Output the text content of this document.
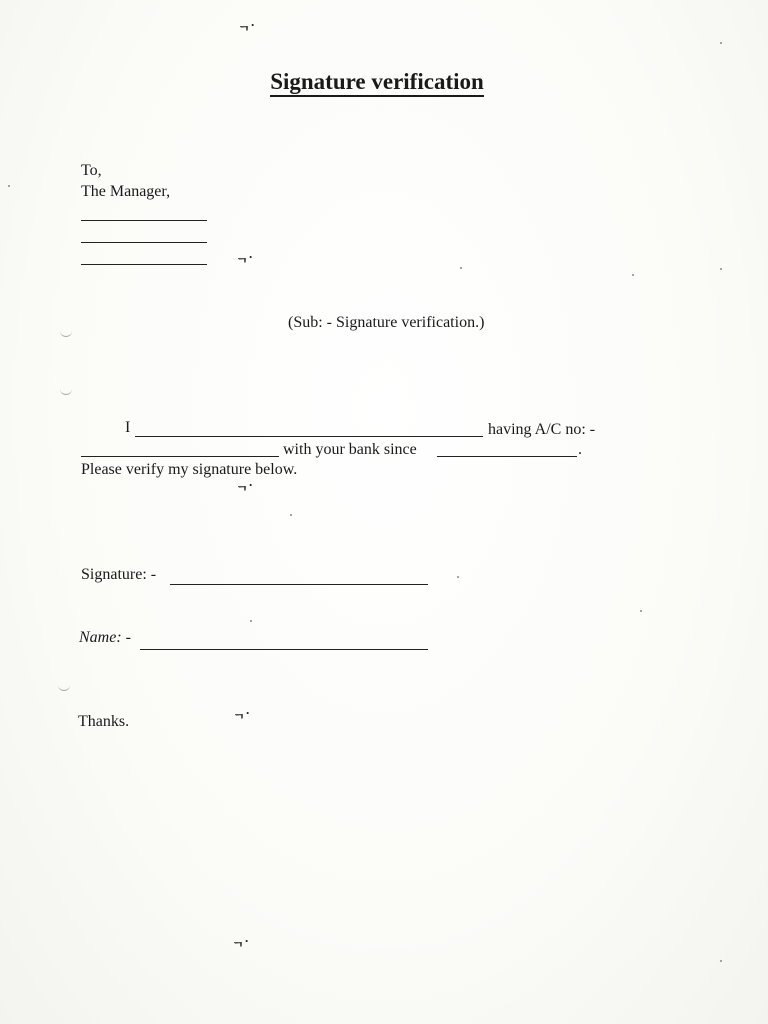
ᆨ·
ᆨ·
ᆨ·
ᆨ·
ᆨ·
Signature verification
To,
The Manager,
(Sub: - Signature verification.)
I	having A/C no: -
with your bank since	.
Please verify my signature below.
Signature: -
Name: -
Thanks.
